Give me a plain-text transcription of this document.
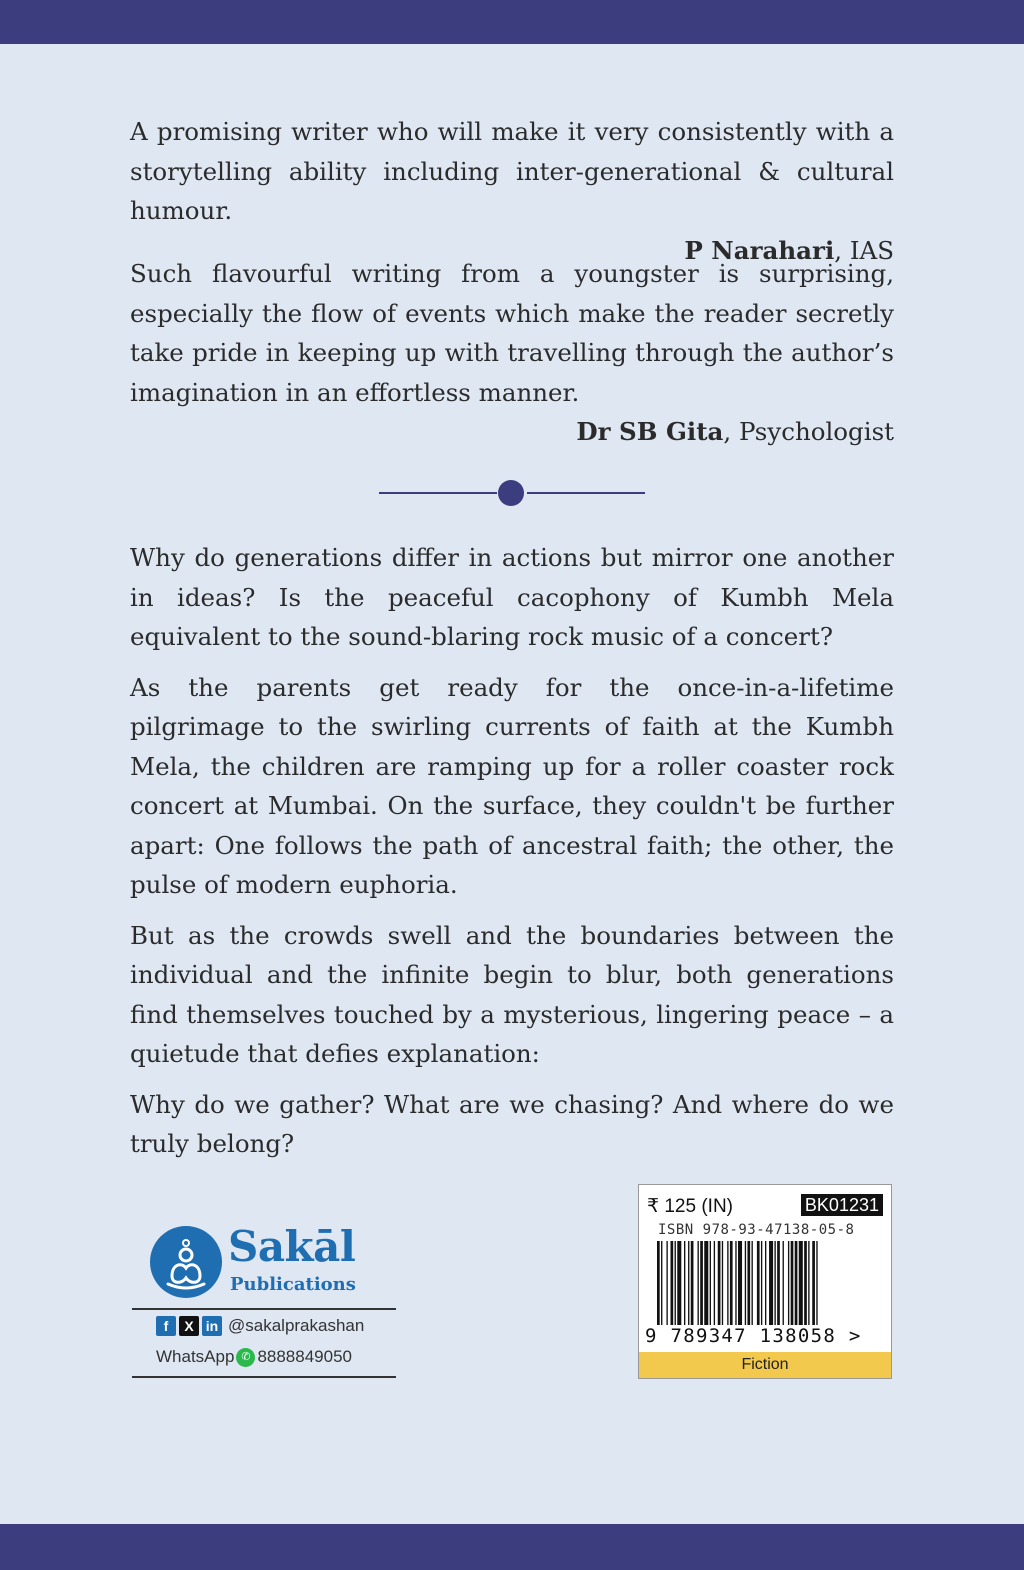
A promising writer who will make it very consistently with a storytelling ability including inter-generational & cultural humour.

P Narahari, IAS

Such flavourful writing from a youngster is surprising, especially the flow of events which make the reader secretly take pride in keeping up with travelling through the author’s imagination in an effortless manner.

Dr SB Gita, Psychologist

Why do generations differ in actions but mirror one another in ideas? Is the peaceful cacophony of Kumbh Mela equivalent to the sound-blaring rock music of a concert?

As the parents get ready for the once-in-a-lifetime pilgrimage to the swirling currents of faith at the Kumbh Mela, the children are ramping up for a roller coaster rock concert at Mumbai. On the surface, they couldn't be further apart: One follows the path of ancestral faith; the other, the pulse of modern euphoria.

But as the crowds swell and the boundaries between the individual and the infinite begin to blur, both generations find themselves touched by a mysterious, lingering peace – a quietude that defies explanation:

Why do we gather? What are we chasing? And where do we truly belong?

Sakāl
Publications
f	X in @sakalprakashan
WhatsApp ✆ 8888849050
₹ 125 (IN)	BK01231
ISBN 978-93-47138-05-8
9 789347 138058 >
Fiction
